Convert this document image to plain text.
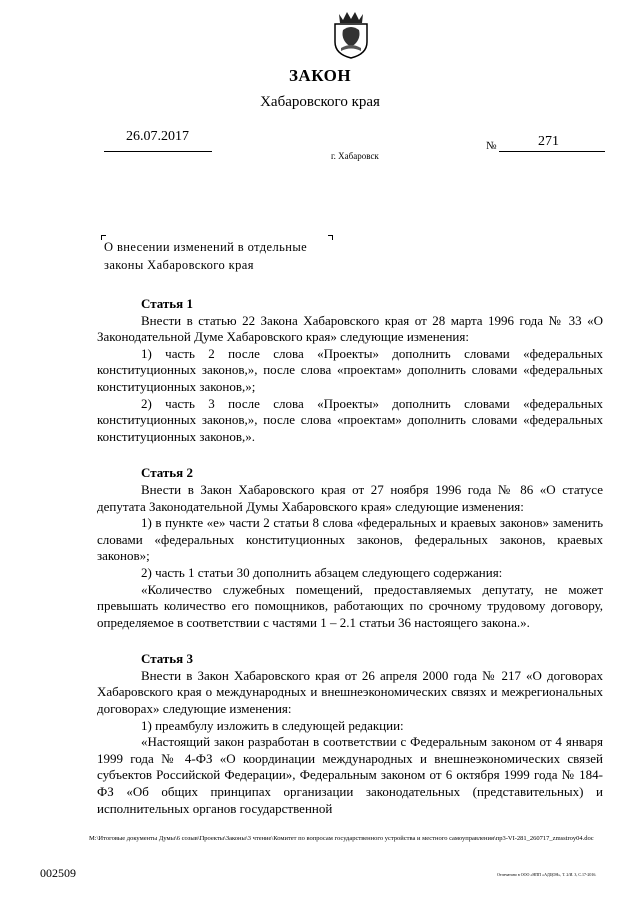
ЗАКОН
Хабаровского края
26.07.2017
№	271
г. Хабаровск
О внесении изменений в отдельные
законы Хабаровского края
Статья 1

Внести в статью 22 Закона Хабаровского края от 28 марта 1996 года № 33 «О Законодательной Думе Хабаровского края» следующие изменения:

1) часть 2 после слова «Проекты» дополнить словами «федеральных конституционных законов,», после слова «проектам» дополнить словами «федеральных конституционных законов,»;

2) часть 3 после слова «Проекты» дополнить словами «федеральных конституционных законов,», после слова «проектам» дополнить словами «федеральных конституционных законов,».

Статья 2

Внести в Закон Хабаровского края от 27 ноября 1996 года № 86 «О статусе депутата Законодательной Думы Хабаровского края» следующие изменения:

1) в пункте «е» части 2 статьи 8 слова «федеральных и краевых законов» заменить словами «федеральных конституционных законов, федеральных законов, краевых законов»;

2) часть 1 статьи 30 дополнить абзацем следующего содержания:

«Количество служебных помещений, предоставляемых депутату, не может превышать количество его помощников, работающих по срочному трудовому договору, определяемое в соответствии с частями 1 – 2.1 статьи 36 настоящего закона.».

Статья 3

Внести в Закон Хабаровского края от 26 апреля 2000 года № 217 «О договорах Хабаровского края о международных и внешнеэкономических связях и межрегиональных договорах» следующие изменения:

1) преамбулу изложить в следующей редакции:

«Настоящий закон разработан в соответствии с Федеральным законом от 4 января 1999 года № 4-ФЗ «О координации международных и внешнеэкономических связей субъектов Российской Федерации», Федеральным законом от 6 октября 1999 года № 184-ФЗ «Об общих принципах организации законодательных (представительных) и исполнительных органов государственной

M:\Итоговые документы Думы\6 созыв\Проекты\Законы\3 чтение\Комитет по вопросам государственного устройства и местного самоуправления\пр3-VI-281_260717_zmsstroy04.doc
002509	Отпечатано в ООО «НПП «АДЦОН», Т. 2/И. 3, С.17-2016.
